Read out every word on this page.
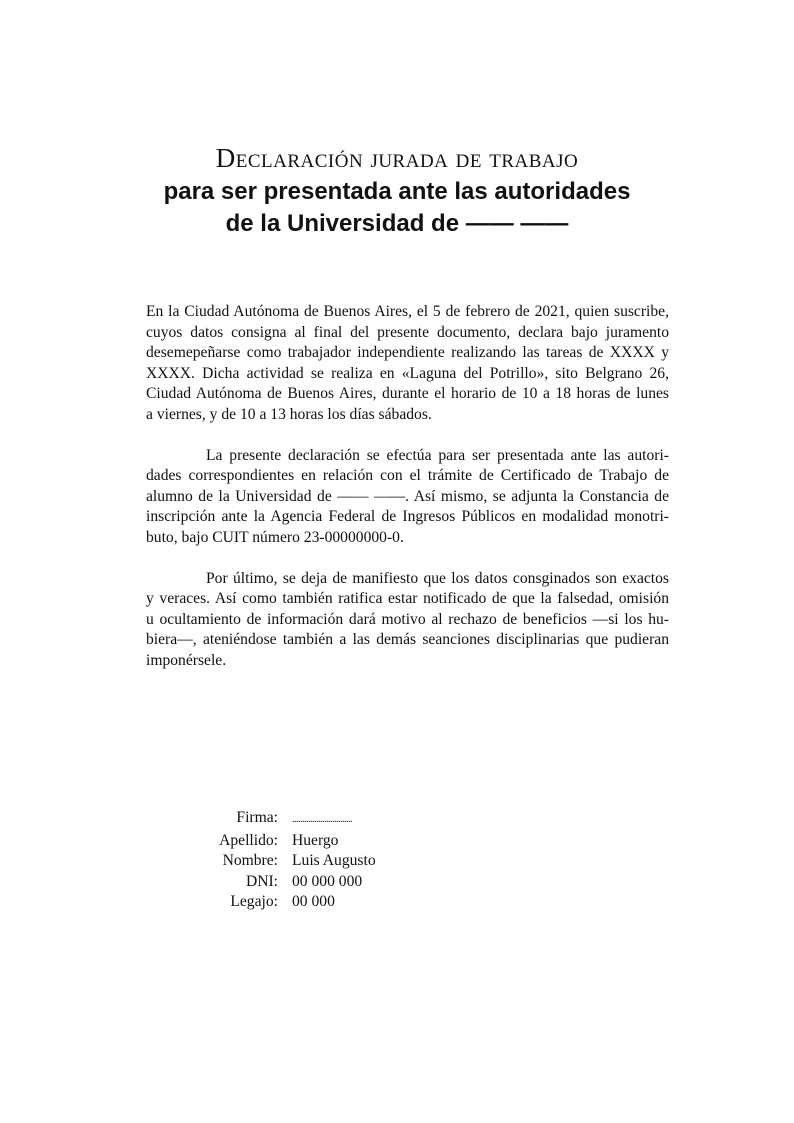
Declaración jurada de trabajo
para ser presentada ante las autoridades
de la Universidad de —— ——

En la Ciudad Autónoma de Buenos Aires, el 5 de febrero de 2021, quien suscribe,
cuyos datos consigna al final del presente documento, declara bajo juramento
desemepeñarse como trabajador independiente realizando las tareas de XXXX y
XXXX. Dicha actividad se realiza en «Laguna del Potrillo», sito Belgrano 26,
Ciudad Autónoma de Buenos Aires, durante el horario de 10 a 18 horas de lunes
a viernes, y de 10 a 13 horas los días sábados.

La presente declaración se efectúa para ser presentada ante las autori-
dades correspondientes en relación con el trámite de Certificado de Trabajo de
alumno de la Universidad de —— ——. Así mismo, se adjunta la Constancia de
inscripción ante la Agencia Federal de Ingresos Públicos en modalidad monotri-
buto, bajo CUIT número 23-00000000-0.

Por último, se deja de manifiesto que los datos consginados son exactos
y veraces. Así como también ratifica estar notificado de que la falsedad, omisión
u ocultamiento de información dará motivo al rechazo de beneficios —si los hu-
biera—, ateniéndose también a las demás seanciones disciplinarias que pudieran
imponérsele.

Firma:	..............................
Apellido:	Huergo
Nombre:	Luis Augusto
DNI:	00 000 000
Legajo:	00 000
